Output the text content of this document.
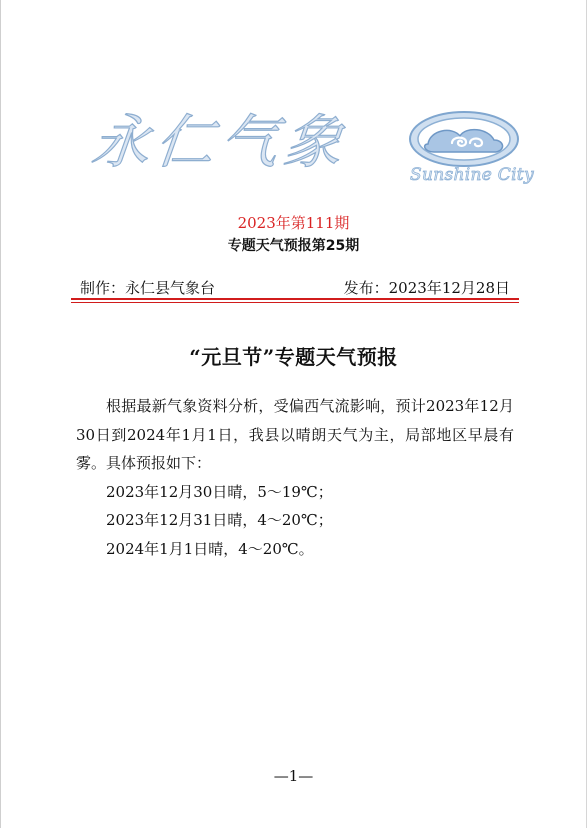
永仁气象	Sunshine City
2023年第111期
专题天气预报第25期
制作：永仁县气象台	发布：2023年12月28日
“元旦节”专题天气预报

根据最新气象资料分析，受偏西气流影响，预计2023年12月30日到2024年1月1日，我县以晴朗天气为主，局部地区早晨有雾。具体预报如下：

2023年12月30日晴，5～19℃；

2023年12月31日晴，4～20℃；

2024年1月1日晴，4～20℃。

—1—
